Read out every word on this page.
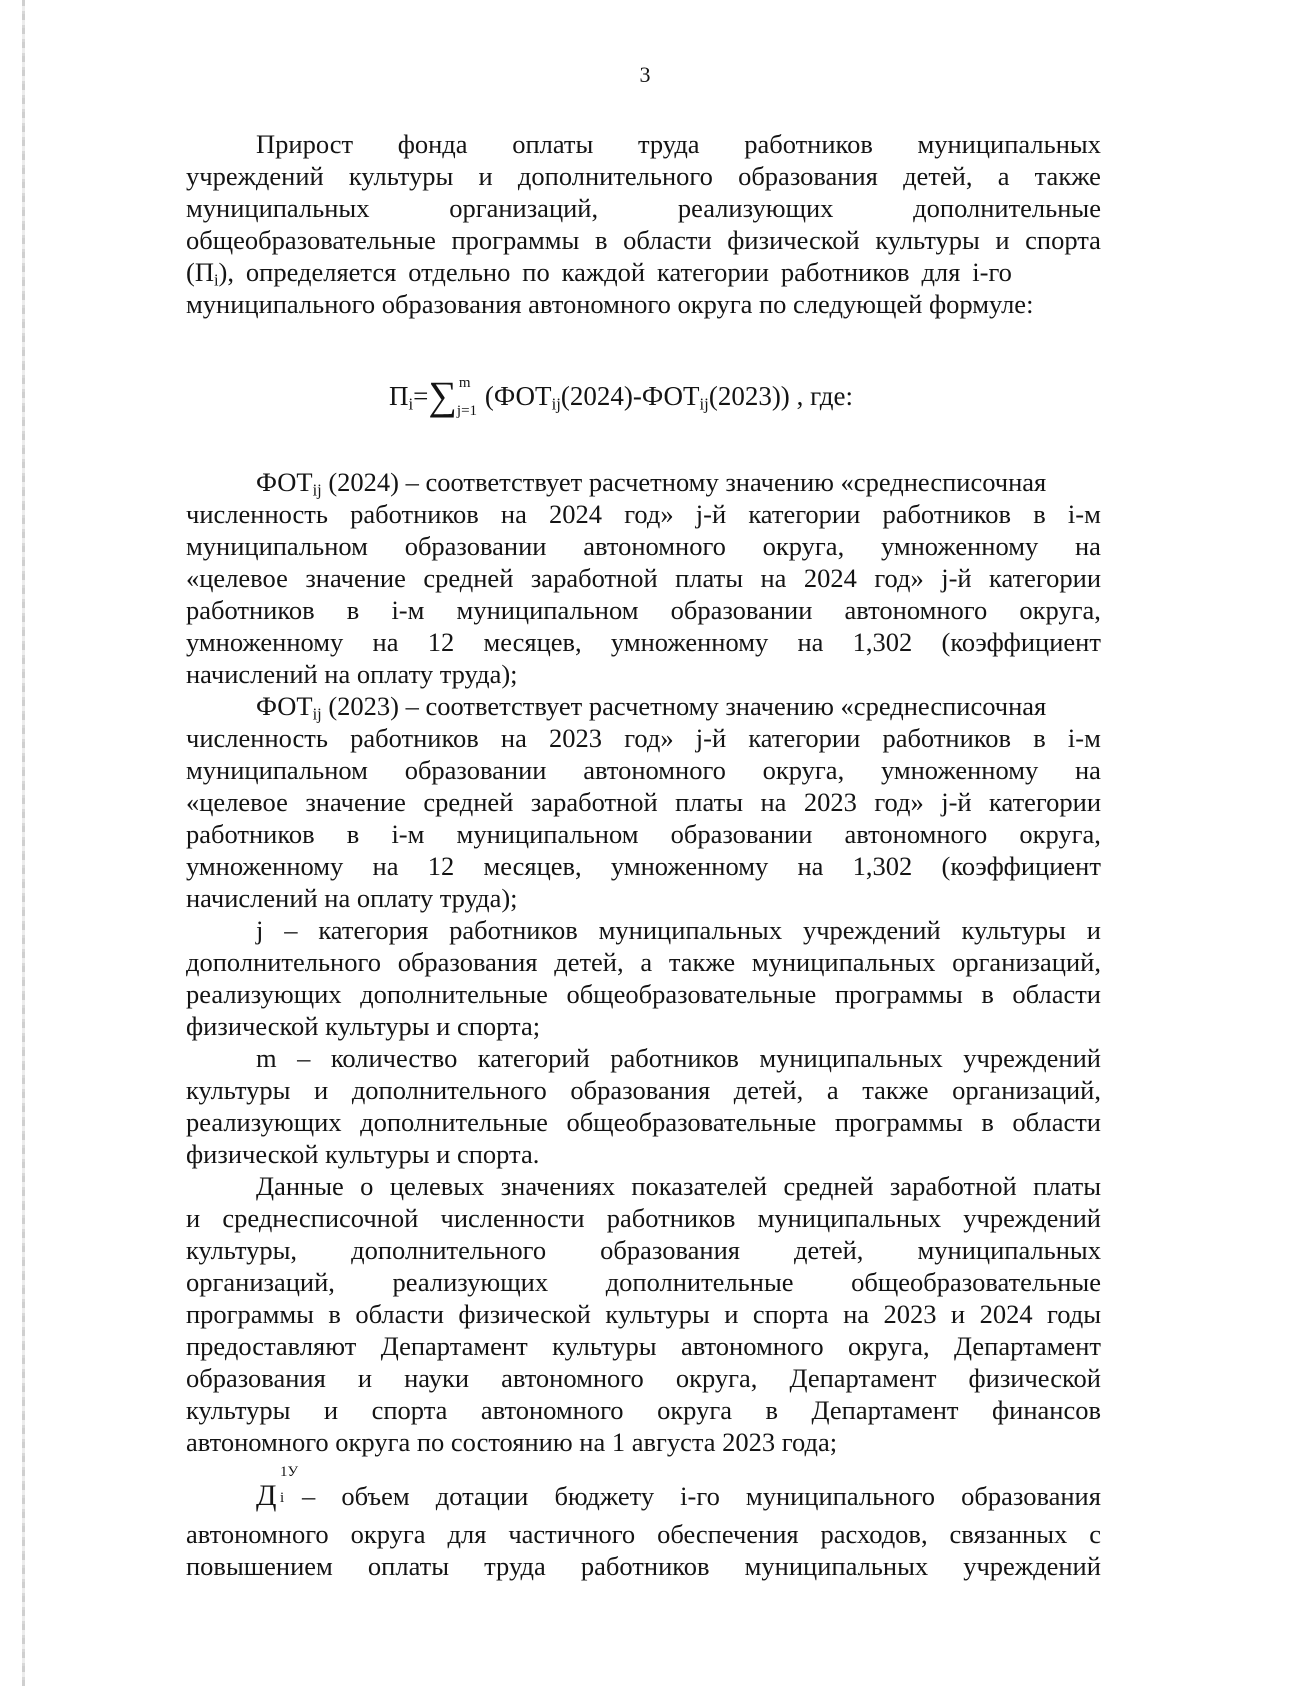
3
Прирост фонда оплаты труда работников муниципальных
учреждений культуры и дополнительного образования детей, а также
муниципальных	организаций,	реализующих	дополнительные
общеобразовательные программы в области физической культуры и спорта
$(П_i)$, определяется отдельно по каждой категории работников для i-го
муниципального образования автономного округа по следующей формуле:
$П_i=\sum$ m
j=1 $(ФОТ_{ij}(2024)-ФОТ_{ij}(2023))$ , где:
$ФОТ_{ij}$ (2024) – соответствует расчетному значению «среднесписочная
численность работников на 2024 год» j-й категории работников в i-м
муниципальном образовании автономного округа, умноженному на
«целевое значение средней заработной платы на 2024 год» j-й категории
работников в i-м муниципальном образовании автономного округа,
умноженному на 12 месяцев, умноженному на 1,302 (коэффициент
начислений на оплату труда);
$ФОТ_{ij}$ (2023) – соответствует расчетному значению «среднесписочная
численность работников на 2023 год» j-й категории работников в i-м
муниципальном образовании автономного округа, умноженному на
«целевое значение средней заработной платы на 2023 год» j-й категории
работников в i-м муниципальном образовании автономного округа,
умноженному на 12 месяцев, умноженному на 1,302 (коэффициент
начислений на оплату труда);
j – категория работников муниципальных учреждений культуры и
дополнительного образования детей, а также муниципальных организаций,
реализующих дополнительные общеобразовательные программы в области
физической культуры и спорта;
m – количество категорий работников муниципальных учреждений
культуры и дополнительного образования детей, а также организаций,
реализующих дополнительные общеобразовательные программы в области
физической культуры и спорта.
Данные о целевых значениях показателей средней заработной платы
и среднесписочной численности работников муниципальных учреждений
культуры, дополнительного образования детей, муниципальных
организаций, реализующих дополнительные общеобразовательные
программы в области физической культуры и спорта на 2023 и 2024 годы
предоставляют Департамент культуры автономного округа, Департамент
образования и науки автономного округа, Департамент физической
культуры и спорта автономного округа в Департамент финансов
автономного округа по состоянию на 1 августа 2023 года;
Д
1У
i – объем дотации бюджету i-го муниципального образования
автономного округа для частичного обеспечения расходов, связанных с
повышением оплаты труда работников муниципальных учреждений
